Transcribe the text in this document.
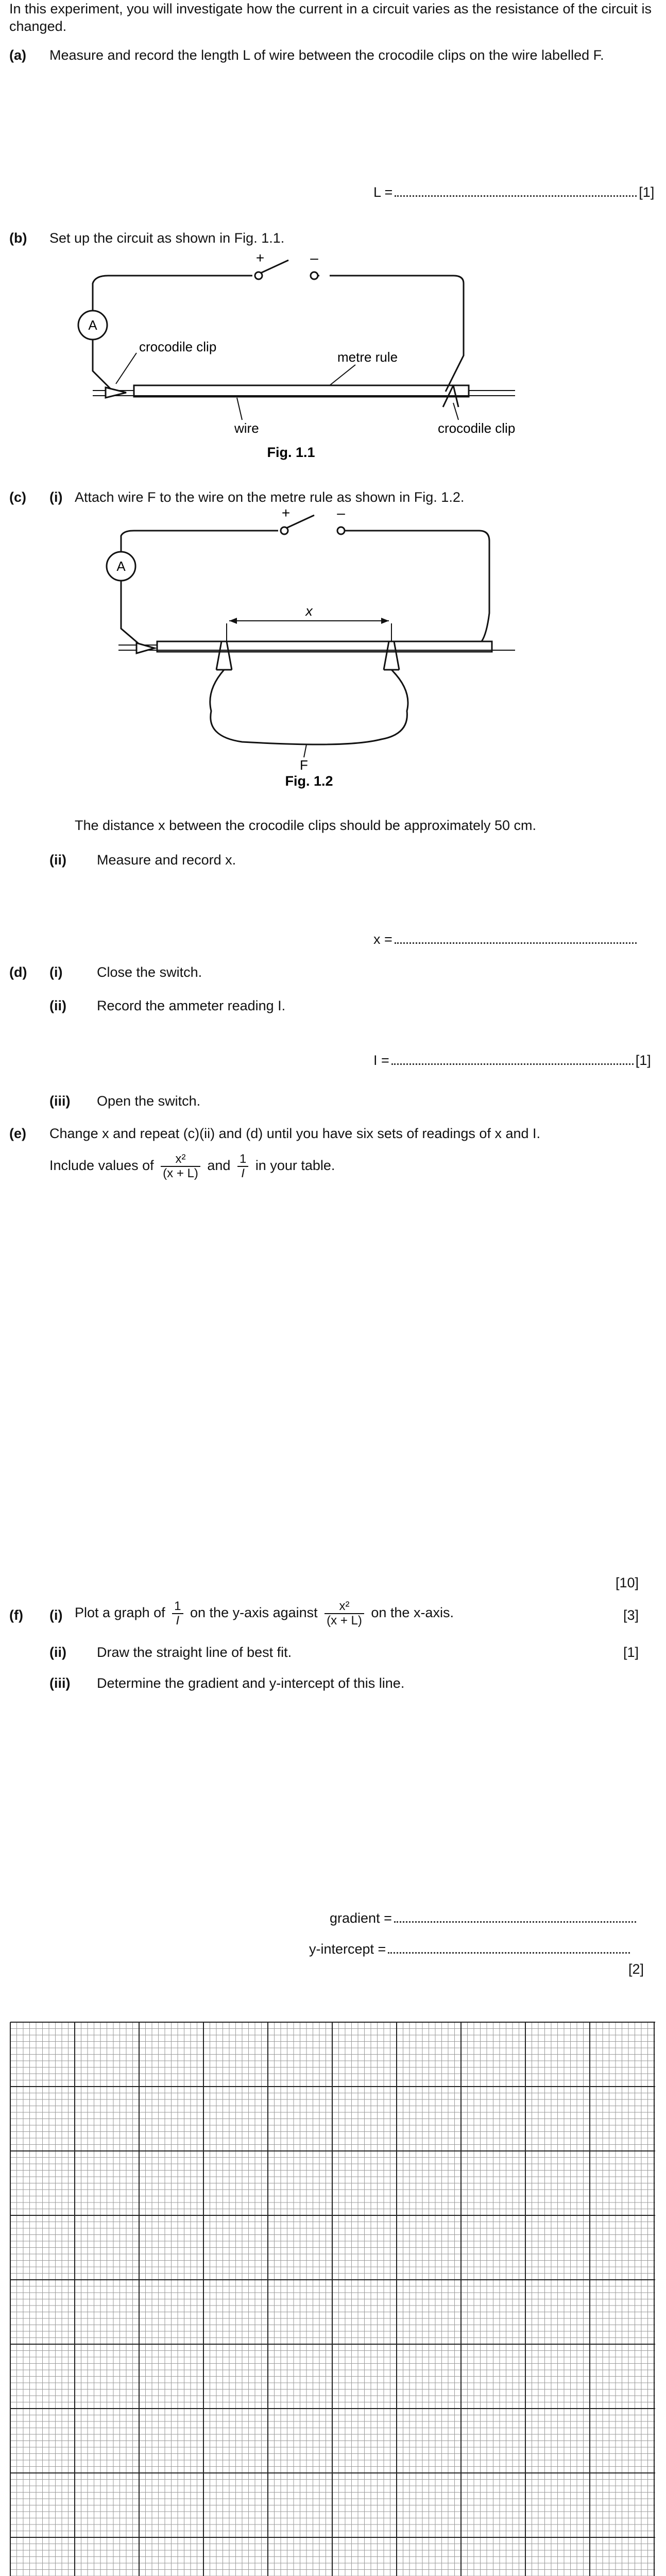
In this experiment, you will investigate how the current in a circuit varies as the resistance of the circuit is changed.
(a) Measure and record the length L of wire between the crocodile clips on the wire labelled F.
L =	[1]
(b) Set up the circuit as shown in Fig. 1.1.
A
+	–
crocodile clip
metre rule
wire	crocodile clip
Fig. 1.1
(c) (i) Attach wire F to the wire on the metre rule as shown in Fig. 1.2.
A
+	–
x
F
Fig. 1.2
The distance x between the crocodile clips should be approximately 50 cm.
(ii) Measure and record x.
x =
(d) (i) Close the switch.
(ii) Record the ammeter reading I.
I =	[1]
(iii) Open the switch.
(e) Change x and repeat (c)(ii) and (d) until you have six sets of readings of x and I.
Include values of $\frac{\text{x²}}{(x + L)}$ and $\frac{1}{I}$ in your table.
[10]
(f) (i) Plot a graph of $\frac{1}{I}$ on the y-axis against $\frac{\text{x²}}{(x + L)}$ on the x-axis.	[3]
(ii) Draw the straight line of best fit.	[1]
(iii) Determine the gradient and y-intercept of this line.
gradient =
y-intercept =
[2]
